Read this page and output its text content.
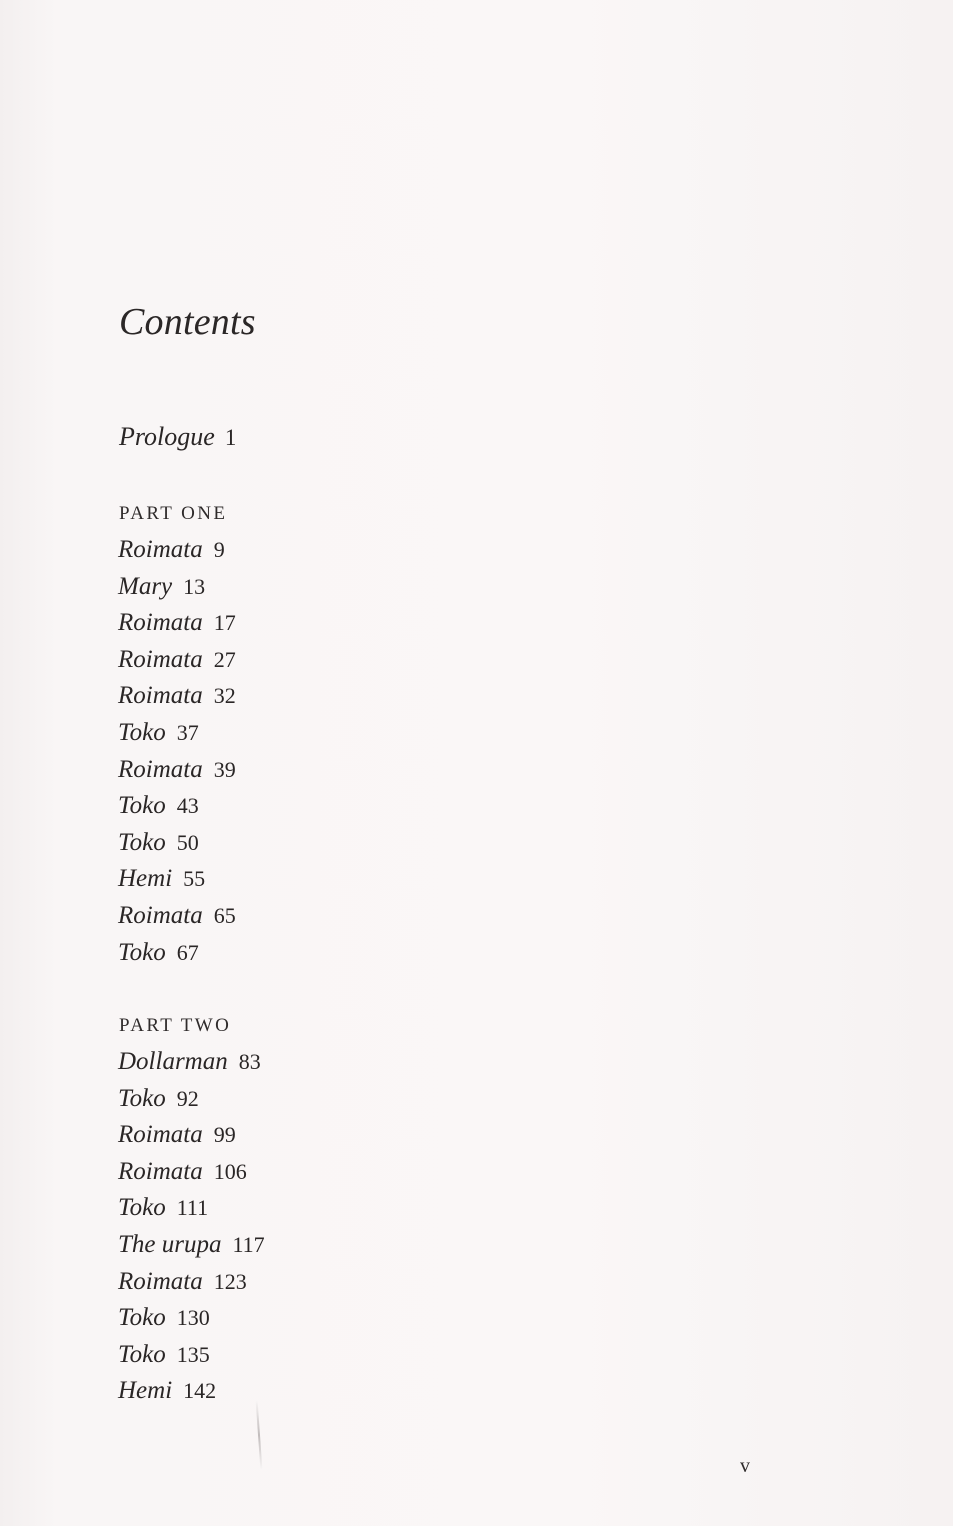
Contents
Prologue 1
PART ONE
Roimata 9
Mary 13
Roimata 17
Roimata 27
Roimata 32
Toko 37
Roimata 39
Toko 43
Toko 50
Hemi 55
Roimata 65
Toko 67
PART TWO
Dollarman 83
Toko 92
Roimata 99
Roimata 106
Toko 111
The urupa 117
Roimata 123
Toko 130
Toko 135
Hemi 142
v
